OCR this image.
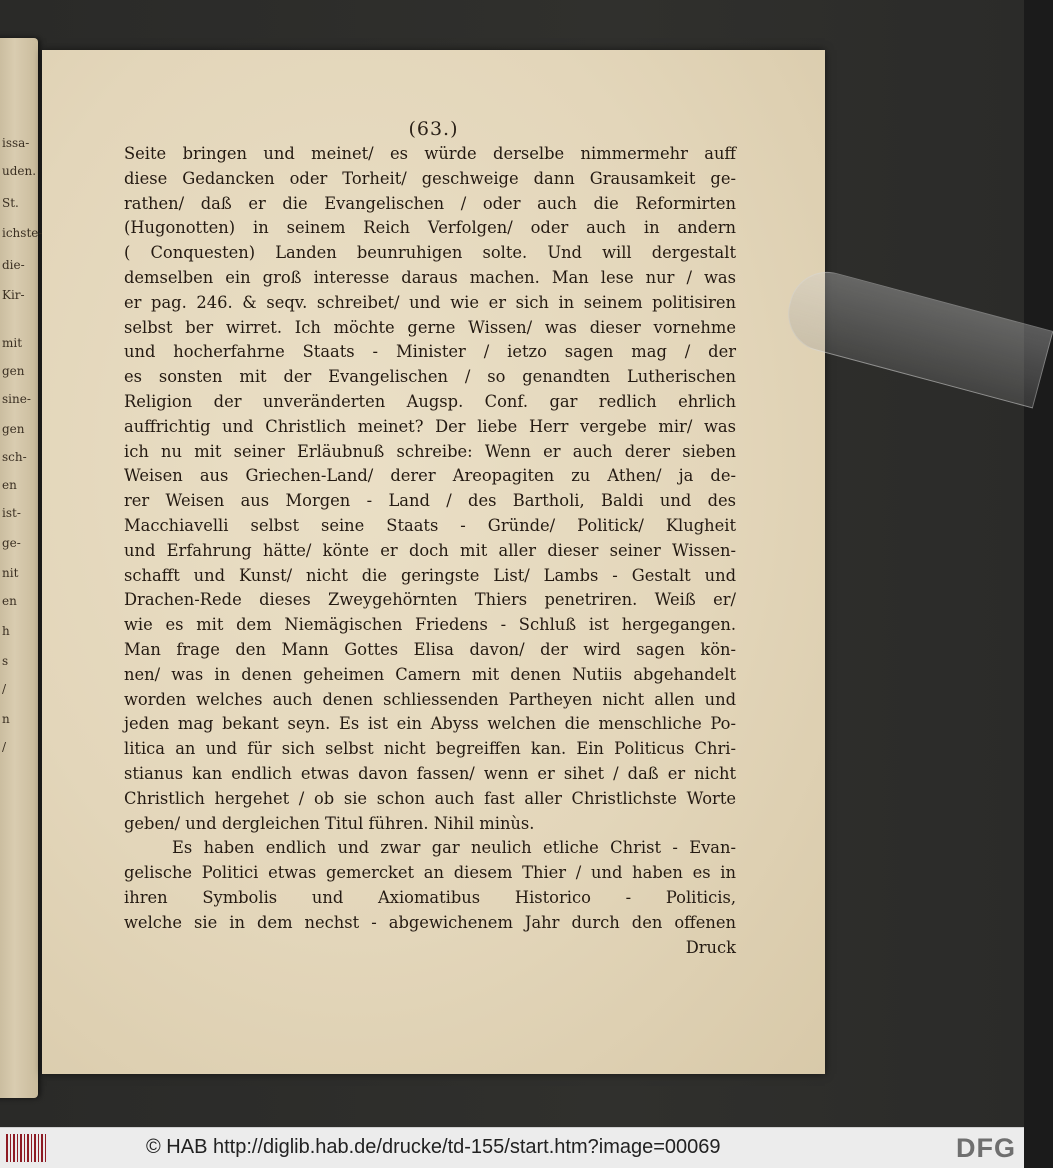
issa-
uden.
St.
ichste-
die-
Kir-
mit
gen
sine-
gen
sch-
en
ist-
ge-
nit
en
h
s
/
n
/
(63.)
Seite bringen und meinet/ es würde derselbe nimmermehr auff
diese Gedancken oder Torheit/ geschweige dann Grausamkeit ge-
rathen/ daß er die Evangelischen / oder auch die Reformirten
(Hugonotten) in seinem Reich Verfolgen/ oder auch in andern
( Conquesten) Landen beunruhigen solte. Und will dergestalt
demselben ein groß interesse daraus machen. Man lese nur / was
er pag. 246. & seqv. schreibet/ und wie er sich in seinem politisiren
selbst ber wirret. Ich möchte gerne Wissen/ was dieser vornehme
und hocherfahrne Staats - Minister / ietzo sagen mag / der
es sonsten mit der Evangelischen / so genandten Lutherischen
Religion der unveränderten Augsp. Conf. gar redlich ehrlich
auffrichtig und Christlich meinet? Der liebe Herr vergebe mir/ was
ich nu mit seiner Erläubnuß schreibe: Wenn er auch derer sieben
Weisen aus Griechen-Land/ derer Areopagiten zu Athen/ ja de-
rer Weisen aus Morgen - Land / des Bartholi, Baldi und des
Macchiavelli selbst seine Staats - Gründe/ Politick/ Klugheit
und Erfahrung hätte/ könte er doch mit aller dieser seiner Wissen-
schafft und Kunst/ nicht die geringste List/ Lambs - Gestalt und
Drachen-Rede dieses Zweygehörnten Thiers penetriren. Weiß er/
wie es mit dem Niemägischen Friedens - Schluß ist hergegangen.
Man frage den Mann Gottes Elisa davon/ der wird sagen kön-
nen/ was in denen geheimen Camern mit denen Nutiis abgehandelt
worden welches auch denen schliessenden Partheyen nicht allen und
jeden mag bekant seyn. Es ist ein Abyss welchen die menschliche Po-
litica an und für sich selbst nicht begreiffen kan. Ein Politicus Chri-
stianus kan endlich etwas davon fassen/ wenn er sihet / daß er nicht
Christlich hergehet / ob sie schon auch fast aller Christlichste Worte
geben/ und dergleichen Titul führen. Nihil minùs.
Es haben endlich und zwar gar neulich etliche Christ - Evan-
gelische Politici etwas gemercket an diesem Thier / und haben es in
ihren Symbolis und Axiomatibus Historico - Politicis,
welche sie in dem nechst - abgewichenem Jahr durch den offenen
Druck
© HAB http://diglib.hab.de/drucke/td-155/start.htm?image=00069	DFG
